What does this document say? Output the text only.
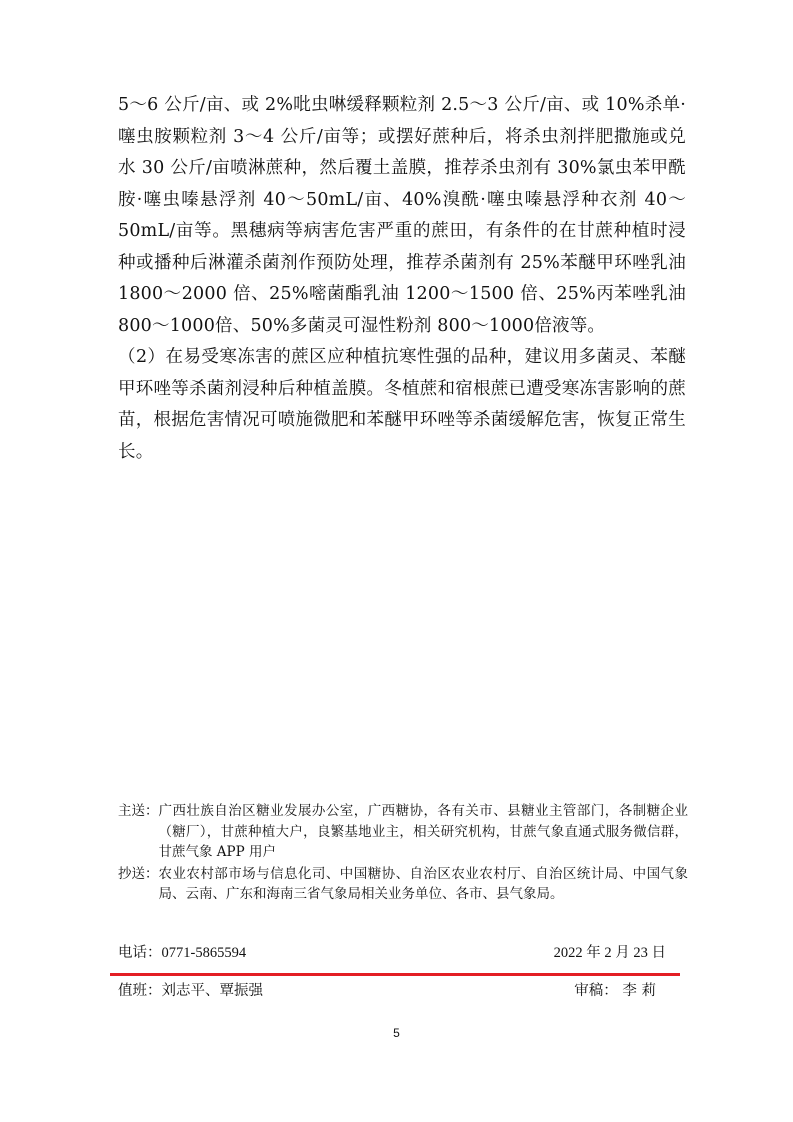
5～6 公斤/亩、或 2%吡虫啉缓释颗粒剂 2.5～3 公斤/亩、或 10%杀单·噻虫胺颗粒剂 3～4 公斤/亩等；或摆好蔗种后，将杀虫剂拌肥撒施或兑水 30 公斤/亩喷淋蔗种，然后覆土盖膜，推荐杀虫剂有 30%氯虫苯甲酰胺·噻虫嗪悬浮剂 40～50mL/亩、40%溴酰·噻虫嗪悬浮种衣剂 40～50mL/亩等。黑穗病等病害危害严重的蔗田，有条件的在甘蔗种植时浸种或播种后淋灌杀菌剂作预防处理，推荐杀菌剂有 25%苯醚甲环唑乳油 1800～2000 倍、25%嘧菌酯乳油 1200～1500 倍、25%丙苯唑乳油 800～1000倍、50%多菌灵可湿性粉剂 800～1000倍液等。

（2）在易受寒冻害的蔗区应种植抗寒性强的品种，建议用多菌灵、苯醚甲环唑等杀菌剂浸种后种植盖膜。冬植蔗和宿根蔗已遭受寒冻害影响的蔗苗，根据危害情况可喷施微肥和苯醚甲环唑等杀菌缓解危害，恢复正常生长。

主送： 广西壮族自治区糖业发展办公室，广西糖协，各有关市、县糖业主管部门，各制糖企业（糖厂），甘蔗种植大户，良繁基地业主，相关研究机构，甘蔗气象直通式服务微信群，甘蔗气象 APP 用户
抄送： 农业农村部市场与信息化司、中国糖协、自治区农业农村厅、自治区统计局、中国气象局、云南、广东和海南三省气象局相关业务单位、各市、县气象局。
电话：0771-5865594	2022 年 2 月 23 日
值班：刘志平、覃振强	审稿： 李 莉
5
